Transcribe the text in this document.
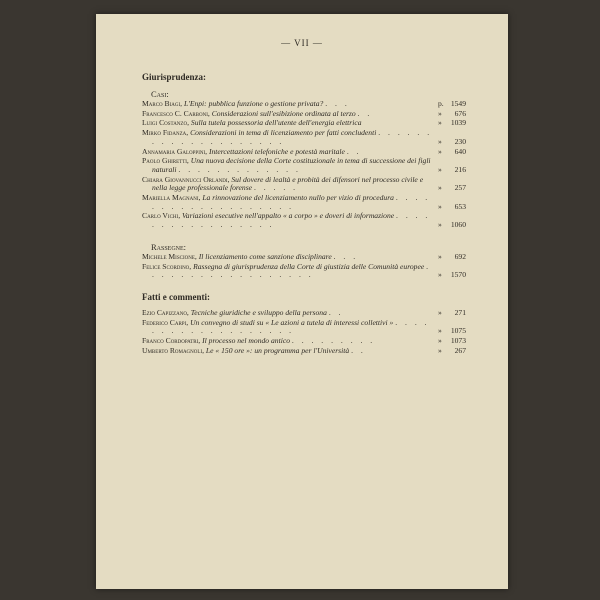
— VII —
Giurisprudenza:
Casi:
Marco Biagi, L'Enpi: pubblica funzione o gestione privata? . . .	p. 1549
Francesco C. Carboni, Considerazioni sull'esibizione ordinata al terzo . .	» 676
Luigi Costanzo, Sulla tutela possessoria dell'utente dell'energia elettrica	» 1039
Mirko Fidanza, Considerazioni in tema di licenziamento per fatti concludenti . . . . . . . . . . . . . . . . . . . .	» 230
Annamaria Galoppini, Intercettazioni telefoniche e potestà maritale . .	» 640
Paolo Ghiretti, Una nuova decisione della Corte costituzionale in tema di successione dei figli naturali . . . . . . . . . . . . .	» 216
Chiara Giovannucci Orlandi, Sul dovere di lealtà e probità dei difensori nel processo civile e nella legge professionale forense . . . . .	» 257
Mariella Magnani, La rinnovazione del licenziamento nullo per vizio di procedura . . . . . . . . . . . . . . . . . . .	» 653
Carlo Vichi, Variazioni esecutive nell'appalto « a corpo » e doveri di informazione . . . . . . . . . . . . . . . . .	» 1060
Rassegne:
Michele Miscione, Il licenziamento come sanzione disciplinare . . .	» 692
Felice Scordino, Rassegna di giurisprudenza della Corte di giustizia delle Comunità europee . . . . . . . . . . . . . . . . . .	» 1570
Fatti e commenti:
Ezio Capizzano, Tecniche giuridiche e sviluppo della persona . .	» 271
Federico Carpi, Un convegno di studi su « Le azioni a tutela di interessi collettivi » . . . . . . . . . . . . . . . . . . .	» 1075
Franco Cordopatri, Il processo nel mondo antico . . . . . . . . .	» 1073
Umberto Romagnoli, Le « 150 ore »: un programma per l'Università . .	» 267
